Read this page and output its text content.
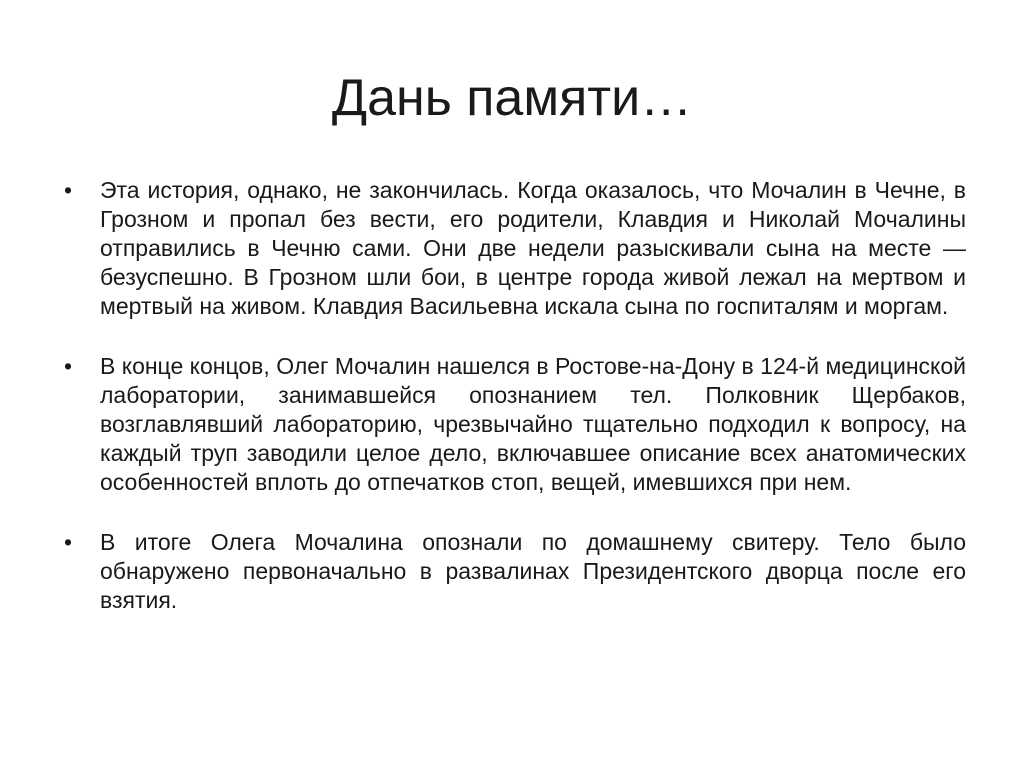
Дань памяти…
• Эта история, однако, не закончилась. Когда оказалось, что Мочалин в Чечне, в Грозном и пропал без вести, его родители, Клавдия и Николай Мочалины отправились в Чечню сами. Они две недели разыскивали сына на месте — безуспешно. В Грозном шли бои, в центре города живой лежал на мертвом и мертвый на живом. Клавдия Васильевна искала сына по госпиталям и моргам.
• В конце концов, Олег Мочалин нашелся в Ростове-на-Дону в 124-й медицинской лаборатории, занимавшейся опознанием тел. Полковник Щербаков, возглавлявший лабораторию, чрезвычайно тщательно подходил к вопросу, на каждый труп заводили целое дело, включавшее описание всех анатомических особенностей вплоть до отпечатков стоп, вещей, имевшихся при нем.
• В итоге Олега Мочалина опознали по домашнему свитеру. Тело было обнаружено первоначально в развалинах Президентского дворца после его взятия.
